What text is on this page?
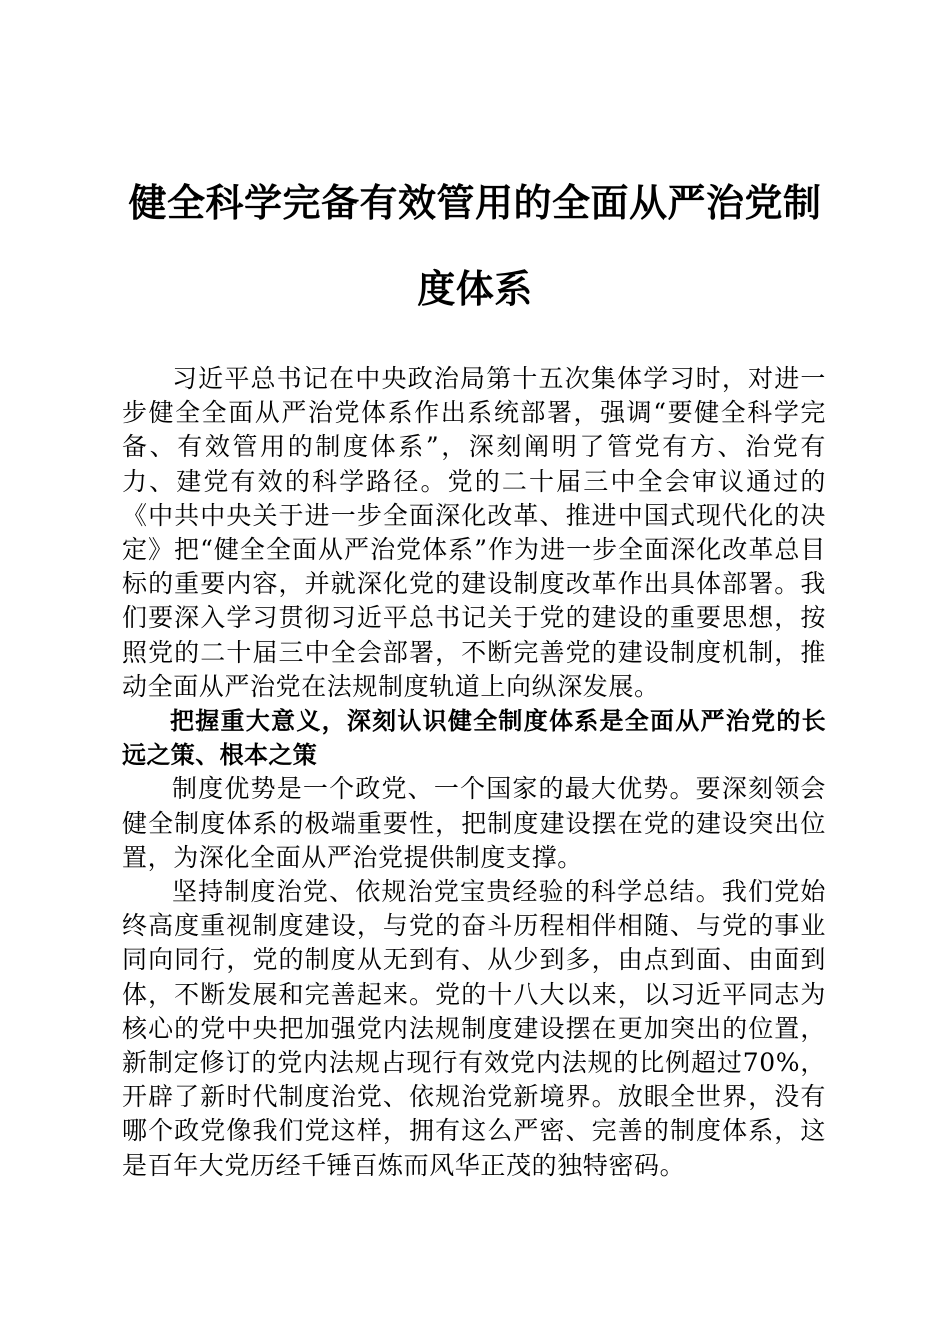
健全科学完备有效管用的全面从严治党制度体系

习近平总书记在中央政治局第十五次集体学习时，对进一步健全全面从严治党体系作出系统部署，强调“要健全科学完备、有效管用的制度体系”，深刻阐明了管党有方、治党有力、建党有效的科学路径。党的二十届三中全会审议通过的《中共中央关于进一步全面深化改革、推进中国式现代化的决定》把“健全全面从严治党体系”作为进一步全面深化改革总目标的重要内容，并就深化党的建设制度改革作出具体部署。我们要深入学习贯彻习近平总书记关于党的建设的重要思想，按照党的二十届三中全会部署，不断完善党的建设制度机制，推动全面从严治党在法规制度轨道上向纵深发展。

把握重大意义，深刻认识健全制度体系是全面从严治党的长远之策、根本之策

制度优势是一个政党、一个国家的最大优势。要深刻领会健全制度体系的极端重要性，把制度建设摆在党的建设突出位置，为深化全面从严治党提供制度支撑。

坚持制度治党、依规治党宝贵经验的科学总结。我们党始终高度重视制度建设，与党的奋斗历程相伴相随、与党的事业同向同行，党的制度从无到有、从少到多，由点到面、由面到体，不断发展和完善起来。党的十八大以来，以习近平同志为核心的党中央把加强党内法规制度建设摆在更加突出的位置，新制定修订的党内法规占现行有效党内法规的比例超过70%，开辟了新时代制度治党、依规治党新境界。放眼全世界，没有哪个政党像我们党这样，拥有这么严密、完善的制度体系，这是百年大党历经千锤百炼而风华正茂的独特密码。
